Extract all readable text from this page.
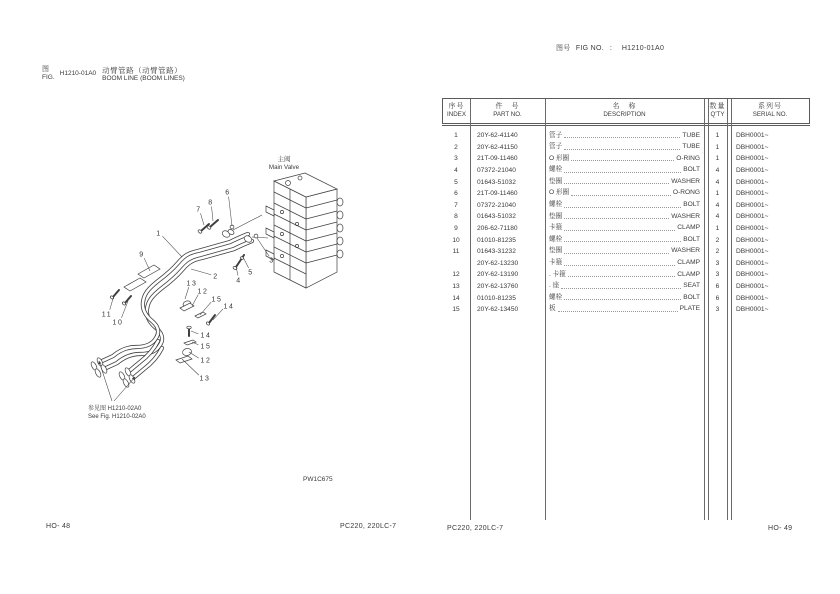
图
FIG.
H1210-01A0 动臂管路（动臂管路）
BOOM LINE (BOOM LINES)
图号 FIG NO. ： H1210-01A0
主阀
Main Valve
参见图 H1210-02A0
See Fig. H1210-02A0
PW1C675
1
2
3
4
5
6
7
8
9
11
10
13
12
15
14
14
15
12
13
序号
INDEX
件　号
PART NO.
名　称
DESCRIPTION
数量
Q'TY
系列号
SERIAL NO.
1	20Y-62-41140	管子	TUBE	1	DBH0001~
2	20Y-62-41150	管子	TUBE	1	DBH0001~
3	21T-09-11460	O 形圈	O-RING	1	DBH0001~
4	07372-21040	螺栓	BOLT	4	DBH0001~
5	01643-51032	垫圈	WASHER	4	DBH0001~
6	21T-09-11460	O 形圈	O-RONG	1	DBH0001~
7	07372-21040	螺栓	BOLT	4	DBH0001~
8	01643-51032	垫圈	WASHER	4	DBH0001~
9	206-62-71180	卡箍	CLAMP	1	DBH0001~
10	01010-81235	螺栓	BOLT	2	DBH0001~
11	01643-31232	垫圈	WASHER	2	DBH0001~
20Y-62-13230	卡箍	CLAMP	3	DBH0001~
12	20Y-62-13190	. 卡箍	CLAMP	3	DBH0001~
13	20Y-62-13760	. 座	SEAT	6	DBH0001~
14	01010-81235	螺栓	BOLT	6	DBH0001~
15	20Y-62-13450	板	PLATE	3	DBH0001~
HO- 48	PC220, 220LC-7	PC220, 220LC-7	HO- 49
